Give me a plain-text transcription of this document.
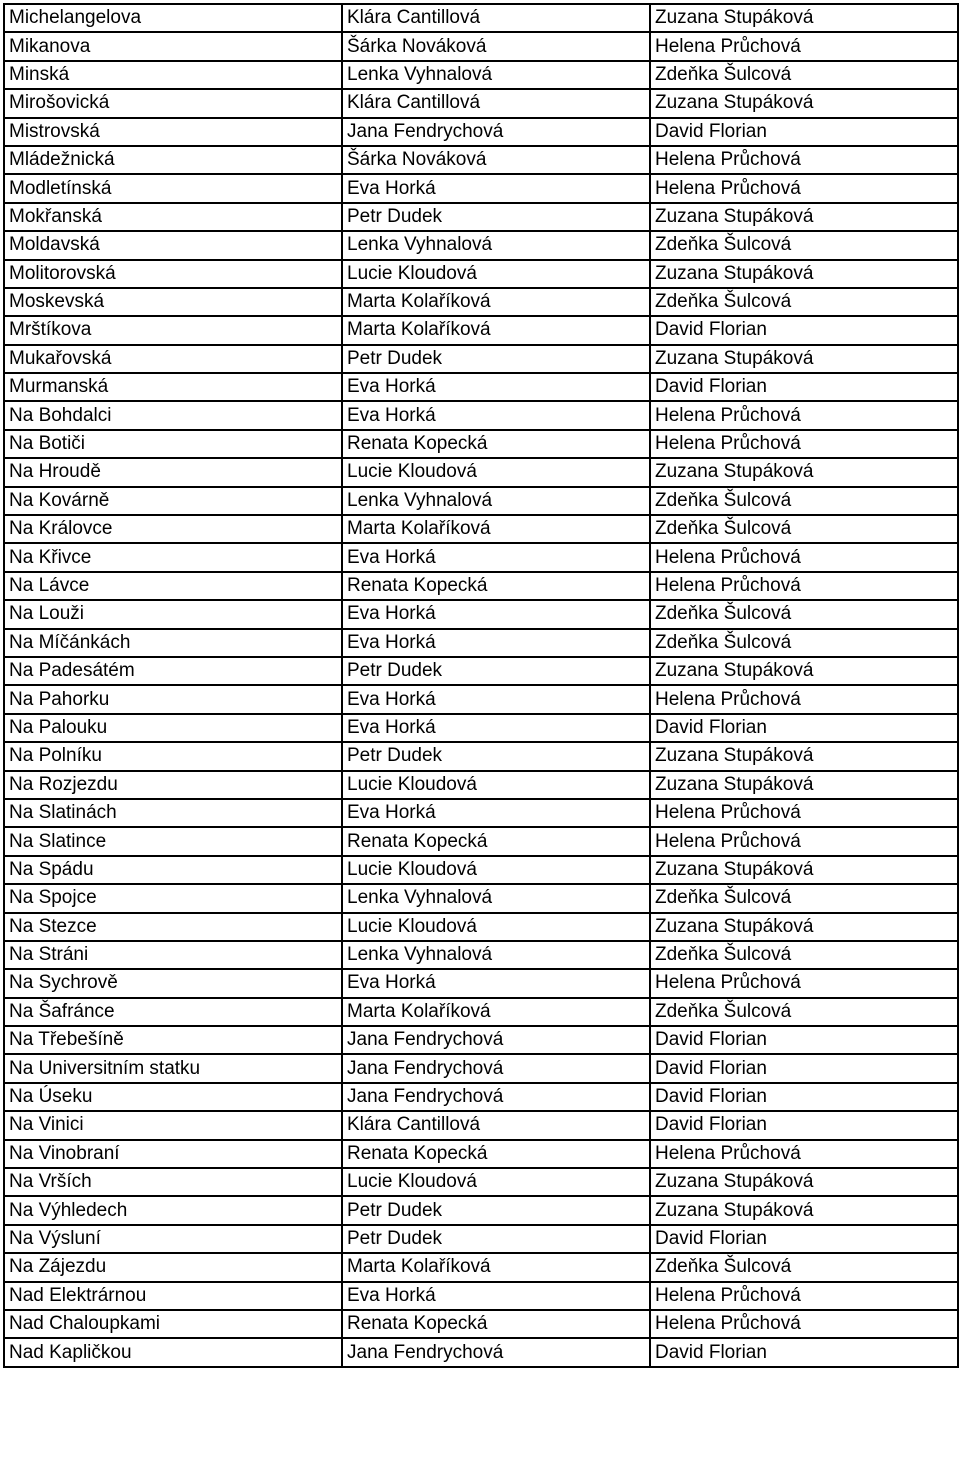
Michelangelova	Klára Cantillová	Zuzana Stupáková
Mikanova	Šárka Nováková	Helena Průchová
Minská	Lenka Vyhnalová	Zdeňka Šulcová
Mirošovická	Klára Cantillová	Zuzana Stupáková
Mistrovská	Jana Fendrychová	David Florian
Mládežnická	Šárka Nováková	Helena Průchová
Modletínská	Eva Horká	Helena Průchová
Mokřanská	Petr Dudek	Zuzana Stupáková
Moldavská	Lenka Vyhnalová	Zdeňka Šulcová
Molitorovská	Lucie Kloudová	Zuzana Stupáková
Moskevská	Marta Kolaříková	Zdeňka Šulcová
Mrštíkova	Marta Kolaříková	David Florian
Mukařovská	Petr Dudek	Zuzana Stupáková
Murmanská	Eva Horká	David Florian
Na Bohdalci	Eva Horká	Helena Průchová
Na Botiči	Renata Kopecká	Helena Průchová
Na Hroudě	Lucie Kloudová	Zuzana Stupáková
Na Kovárně	Lenka Vyhnalová	Zdeňka Šulcová
Na Královce	Marta Kolaříková	Zdeňka Šulcová
Na Křivce	Eva Horká	Helena Průchová
Na Lávce	Renata Kopecká	Helena Průchová
Na Louži	Eva Horká	Zdeňka Šulcová
Na Míčánkách	Eva Horká	Zdeňka Šulcová
Na Padesátém	Petr Dudek	Zuzana Stupáková
Na Pahorku	Eva Horká	Helena Průchová
Na Palouku	Eva Horká	David Florian
Na Polníku	Petr Dudek	Zuzana Stupáková
Na Rozjezdu	Lucie Kloudová	Zuzana Stupáková
Na Slatinách	Eva Horká	Helena Průchová
Na Slatince	Renata Kopecká	Helena Průchová
Na Spádu	Lucie Kloudová	Zuzana Stupáková
Na Spojce	Lenka Vyhnalová	Zdeňka Šulcová
Na Stezce	Lucie Kloudová	Zuzana Stupáková
Na Stráni	Lenka Vyhnalová	Zdeňka Šulcová
Na Sychrově	Eva Horká	Helena Průchová
Na Šafránce	Marta Kolaříková	Zdeňka Šulcová
Na Třebešíně	Jana Fendrychová	David Florian
Na Universitním statku	Jana Fendrychová	David Florian
Na Úseku	Jana Fendrychová	David Florian
Na Vinici	Klára Cantillová	David Florian
Na Vinobraní	Renata Kopecká	Helena Průchová
Na Vrších	Lucie Kloudová	Zuzana Stupáková
Na Výhledech	Petr Dudek	Zuzana Stupáková
Na Výsluní	Petr Dudek	David Florian
Na Zájezdu	Marta Kolaříková	Zdeňka Šulcová
Nad Elektrárnou	Eva Horká	Helena Průchová
Nad Chaloupkami	Renata Kopecká	Helena Průchová
Nad Kapličkou	Jana Fendrychová	David Florian
